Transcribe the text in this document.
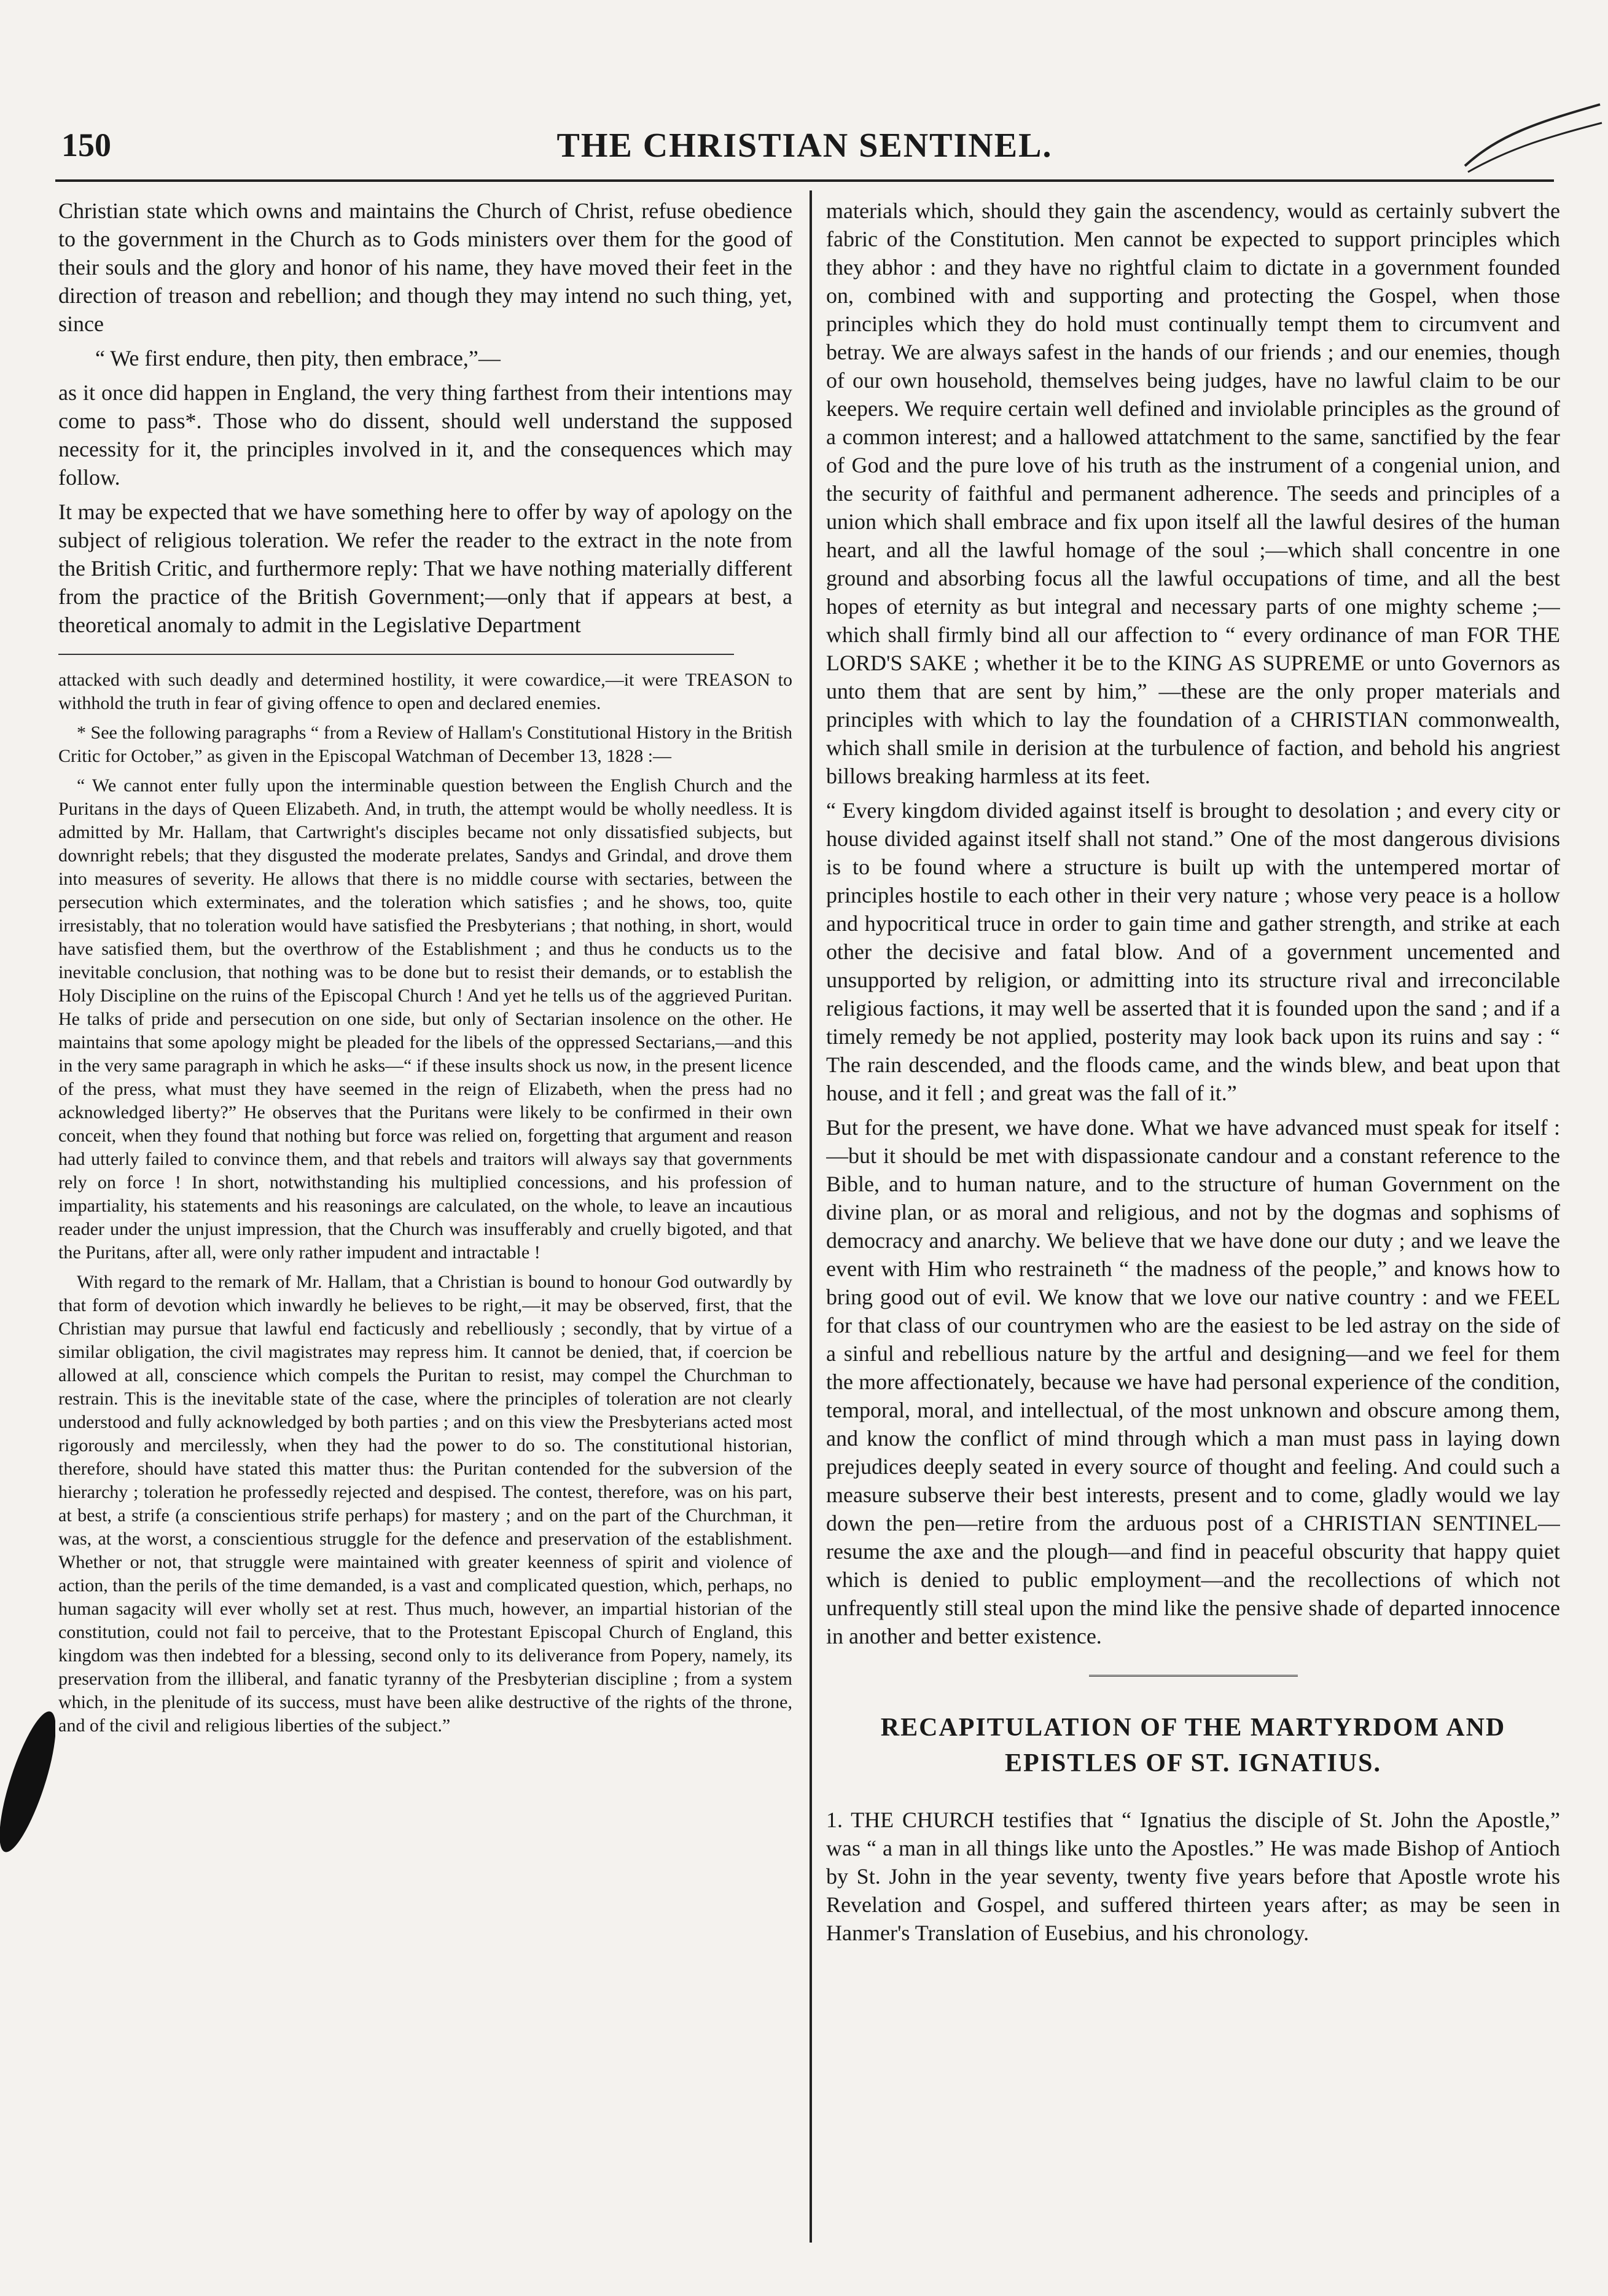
150	THE CHRISTIAN SENTINEL.

Christian state which owns and maintains the Church of Christ, refuse obedience to the government in the Church as to Gods ministers over them for the good of their souls and the glory and honor of his name, they have moved their feet in the direction of treason and rebellion; and though they may intend no such thing, yet, since

“ We first endure, then pity, then embrace,”—

as it once did happen in England, the very thing farthest from their intentions may come to pass*. Those who do dissent, should well understand the supposed necessity for it, the principles involved in it, and the consequences which may follow.

It may be expected that we have something here to offer by way of apology on the subject of religious toleration. We refer the reader to the extract in the note from the British Critic, and furthermore reply: That we have nothing materially different from the practice of the British Government;—only that if appears at best, a theoretical anomaly to admit in the Legislative Department

attacked with such deadly and determined hostility, it were cowardice,—it were TREASON to withhold the truth in fear of giving offence to open and declared enemies.

* See the following paragraphs “ from a Review of Hallam's Constitutional History in the British Critic for October,” as given in the Episcopal Watchman of December 13, 1828 :—

“ We cannot enter fully upon the interminable question between the English Church and the Puritans in the days of Queen Elizabeth. And, in truth, the attempt would be wholly needless. It is admitted by Mr. Hallam, that Cartwright's disciples became not only dissatisfied subjects, but downright rebels; that they disgusted the moderate prelates, Sandys and Grindal, and drove them into measures of severity. He allows that there is no middle course with sectaries, between the persecution which exterminates, and the toleration which satisfies ; and he shows, too, quite irresistably, that no toleration would have satisfied the Presbyterians ; that nothing, in short, would have satisfied them, but the overthrow of the Establishment ; and thus he conducts us to the inevitable conclusion, that nothing was to be done but to resist their demands, or to establish the Holy Discipline on the ruins of the Episcopal Church ! And yet he tells us of the aggrieved Puritan. He talks of pride and persecution on one side, but only of Sectarian insolence on the other. He maintains that some apology might be pleaded for the libels of the oppressed Sectarians,—and this in the very same paragraph in which he asks—“ if these insults shock us now, in the present licence of the press, what must they have seemed in the reign of Elizabeth, when the press had no acknowledged liberty?” He observes that the Puritans were likely to be confirmed in their own conceit, when they found that nothing but force was relied on, forgetting that argument and reason had utterly failed to convince them, and that rebels and traitors will always say that governments rely on force ! In short, notwithstanding his multiplied concessions, and his profession of impartiality, his statements and his reasonings are calculated, on the whole, to leave an incautious reader under the unjust impression, that the Church was insufferably and cruelly bigoted, and that the Puritans, after all, were only rather impudent and intractable !

With regard to the remark of Mr. Hallam, that a Christian is bound to honour God outwardly by that form of devotion which inwardly he believes to be right,—it may be observed, first, that the Christian may pursue that lawful end facticusly and rebelliously ; secondly, that by virtue of a similar obligation, the civil magistrates may repress him. It cannot be denied, that, if coercion be allowed at all, conscience which compels the Puritan to resist, may compel the Churchman to restrain. This is the inevitable state of the case, where the principles of toleration are not clearly understood and fully acknowledged by both parties ; and on this view the Presbyterians acted most rigorously and mercilessly, when they had the power to do so. The constitutional historian, therefore, should have stated this matter thus: the Puritan contended for the subversion of the hierarchy ; toleration he professedly rejected and despised. The contest, therefore, was on his part, at best, a strife (a conscientious strife perhaps) for mastery ; and on the part of the Churchman, it was, at the worst, a conscientious struggle for the defence and preservation of the establishment. Whether or not, that struggle were maintained with greater keenness of spirit and violence of action, than the perils of the time demanded, is a vast and complicated question, which, perhaps, no human sagacity will ever wholly set at rest. Thus much, however, an impartial historian of the constitution, could not fail to perceive, that to the Protestant Episcopal Church of England, this kingdom was then indebted for a blessing, second only to its deliverance from Popery, namely, its preservation from the illiberal, and fanatic tyranny of the Presbyterian discipline ; from a system which, in the plenitude of its success, must have been alike destructive of the rights of the throne, and of the civil and religious liberties of the subject.”

materials which, should they gain the ascendency, would as certainly subvert the fabric of the Constitution. Men cannot be expected to support principles which they abhor : and they have no rightful claim to dictate in a government founded on, combined with and supporting and protecting the Gospel, when those principles which they do hold must continually tempt them to circumvent and betray. We are always safest in the hands of our friends ; and our enemies, though of our own household, themselves being judges, have no lawful claim to be our keepers. We require certain well defined and inviolable principles as the ground of a common interest; and a hallowed attatchment to the same, sanctified by the fear of God and the pure love of his truth as the instrument of a congenial union, and the security of faithful and permanent adherence. The seeds and principles of a union which shall embrace and fix upon itself all the lawful desires of the human heart, and all the lawful homage of the soul ;—which shall concentre in one ground and absorbing focus all the lawful occupations of time, and all the best hopes of eternity as but integral and necessary parts of one mighty scheme ;—which shall firmly bind all our affection to “ every ordinance of man FOR THE LORD'S SAKE ; whether it be to the KING AS SUPREME or unto Governors as unto them that are sent by him,” —these are the only proper materials and principles with which to lay the foundation of a CHRISTIAN commonwealth, which shall smile in derision at the turbulence of faction, and behold his angriest billows breaking harmless at its feet.

“ Every kingdom divided against itself is brought to desolation ; and every city or house divided against itself shall not stand.” One of the most dangerous divisions is to be found where a structure is built up with the untempered mortar of principles hostile to each other in their very nature ; whose very peace is a hollow and hypocritical truce in order to gain time and gather strength, and strike at each other the decisive and fatal blow. And of a government uncemented and unsupported by religion, or admitting into its structure rival and irreconcilable religious factions, it may well be asserted that it is founded upon the sand ; and if a timely remedy be not applied, posterity may look back upon its ruins and say : “ The rain descended, and the floods came, and the winds blew, and beat upon that house, and it fell ; and great was the fall of it.”

But for the present, we have done. What we have advanced must speak for itself :—but it should be met with dispassionate candour and a constant reference to the Bible, and to human nature, and to the structure of human Government on the divine plan, or as moral and religious, and not by the dogmas and sophisms of democracy and anarchy. We believe that we have done our duty ; and we leave the event with Him who restraineth “ the madness of the people,” and knows how to bring good out of evil. We know that we love our native country : and we FEEL for that class of our countrymen who are the easiest to be led astray on the side of a sinful and rebellious nature by the artful and designing—and we feel for them the more affectionately, because we have had personal experience of the condition, temporal, moral, and intellectual, of the most unknown and obscure among them, and know the conflict of mind through which a man must pass in laying down prejudices deeply seated in every source of thought and feeling. And could such a measure subserve their best interests, present and to come, gladly would we lay down the pen—retire from the arduous post of a CHRISTIAN SENTINEL—resume the axe and the plough—and find in peaceful obscurity that happy quiet which is denied to public employment—and the recollections of which not unfrequently still steal upon the mind like the pensive shade of departed innocence in another and better existence.

RECAPITULATION OF THE MARTYRDOM AND
EPISTLES OF ST. IGNATIUS.

1. THE CHURCH testifies that “ Ignatius the disciple of St. John the Apostle,” was “ a man in all things like unto the Apostles.” He was made Bishop of Antioch by St. John in the year seventy, twenty five years before that Apostle wrote his Revelation and Gospel, and suffered thirteen years after; as may be seen in Hanmer's Translation of Eusebius, and his chronology.
